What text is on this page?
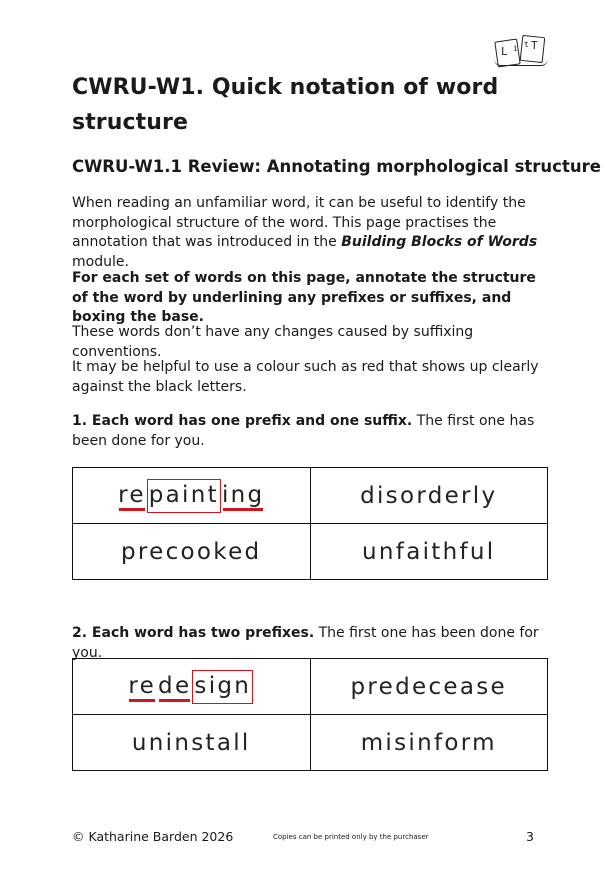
L i t T
CWRU-W1. Quick notation of word structure
CWRU-W1.1 Review: Annotating morphological structure

When reading an unfamiliar word, it can be useful to identify the morphological structure of the word. This page practises the annotation that was introduced in the Building Blocks of Words module.

For each set of words on this page, annotate the structure of the word by underlining any prefixes or suffixes, and boxing the base.

These words don’t have any changes caused by suffixing conventions.

It may be helpful to use a colour such as red that shows up clearly against the black letters.

1. Each word has one prefix and one suffix. The first one has been done for you.

re paint ing	disorderly
precooked	unfaithful

2. Each word has two prefixes. The first one has been done for you.

rede sign	predecease
uninstall	misinform
© Katharine Barden 2026	Copies can be printed only by the purchaser	3
